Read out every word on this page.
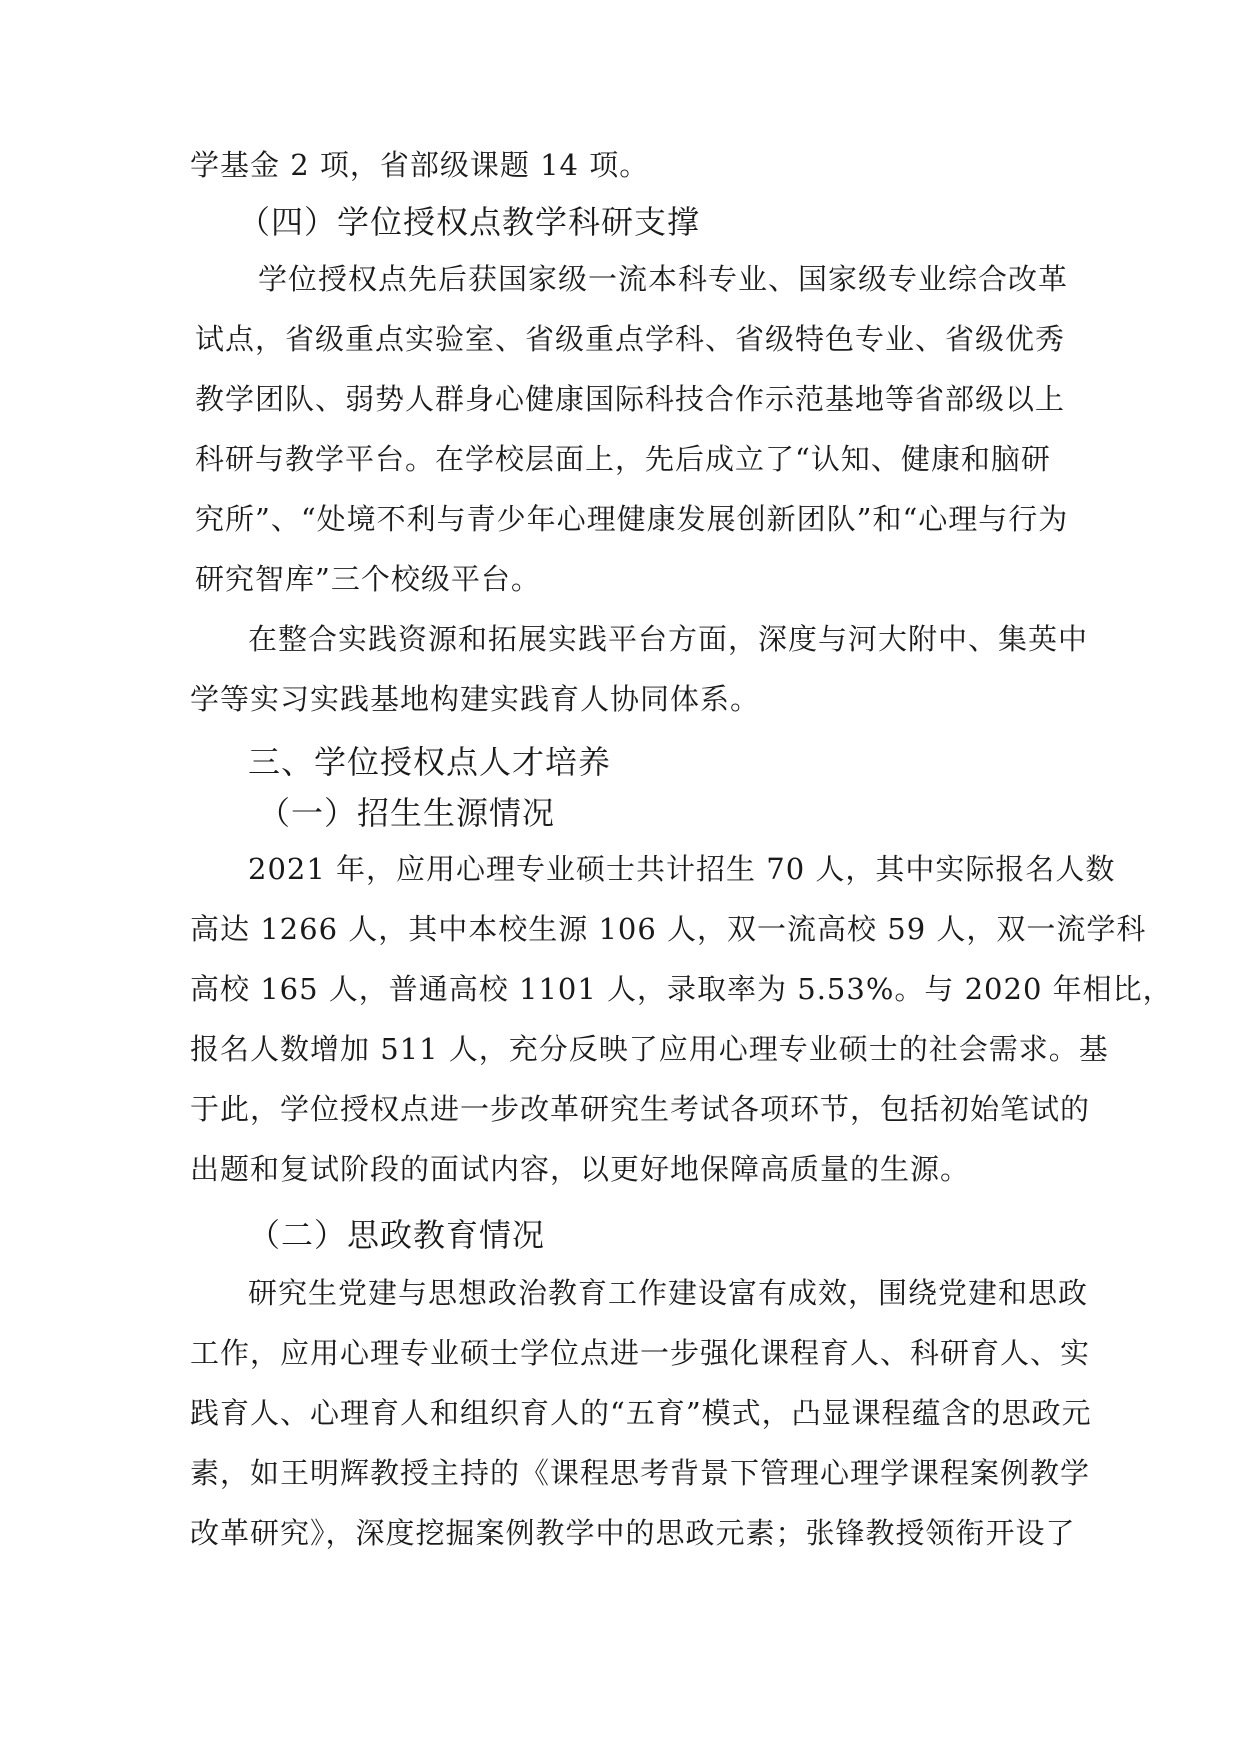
学基金 2 项，省部级课题 14 项。
（四）学位授权点教学科研支撑
学位授权点先后获国家级一流本科专业、国家级专业综合改革
试点，省级重点实验室、省级重点学科、省级特色专业、省级优秀
教学团队、弱势人群身心健康国际科技合作示范基地等省部级以上
科研与教学平台。在学校层面上，先后成立了“认知、健康和脑研
究所”、“处境不利与青少年心理健康发展创新团队”和“心理与行为
研究智库”三个校级平台。
在整合实践资源和拓展实践平台方面，深度与河大附中、集英中
学等实习实践基地构建实践育人协同体系。
三、学位授权点人才培养
（一）招生生源情况
2021 年，应用心理专业硕士共计招生 70 人，其中实际报名人数
高达 1266 人，其中本校生源 106 人，双一流高校 59 人，双一流学科
高校 165 人，普通高校 1101 人，录取率为 5.53%。与 2020 年相比，
报名人数增加 511 人，充分反映了应用心理专业硕士的社会需求。基
于此，学位授权点进一步改革研究生考试各项环节，包括初始笔试的
出题和复试阶段的面试内容，以更好地保障高质量的生源。
（二）思政教育情况
研究生党建与思想政治教育工作建设富有成效，围绕党建和思政
工作，应用心理专业硕士学位点进一步强化课程育人、科研育人、实
践育人、心理育人和组织育人的“五育”模式，凸显课程蕴含的思政元
素，如王明辉教授主持的《课程思考背景下管理心理学课程案例教学
改革研究》，深度挖掘案例教学中的思政元素；张锋教授领衔开设了
